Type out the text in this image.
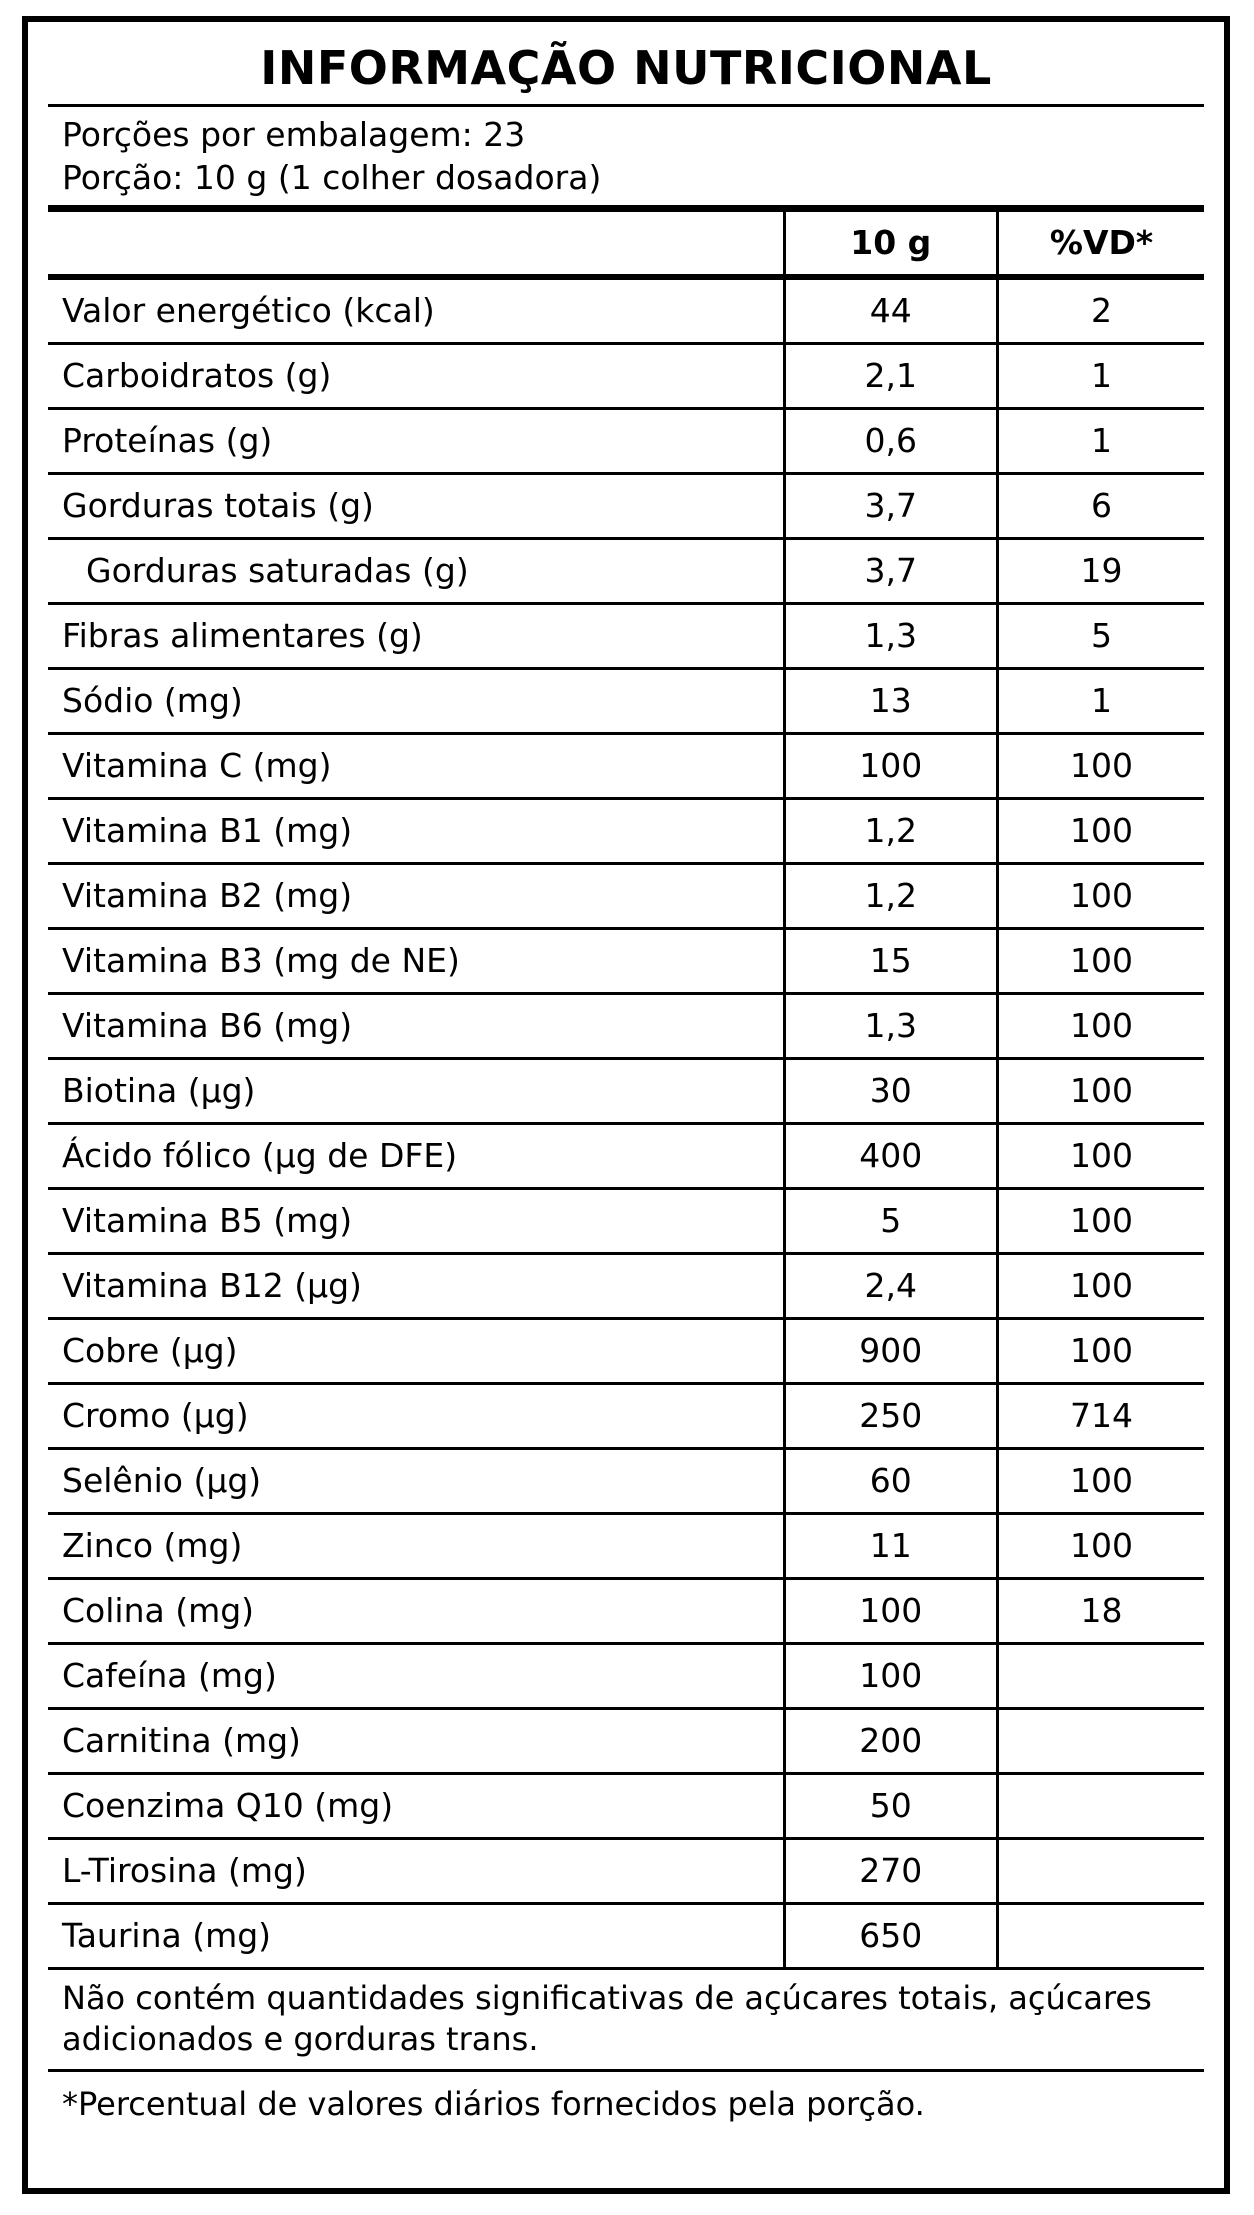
INFORMAÇÃO NUTRICIONAL
Porções por embalagem: 23
Porção: 10 g (1 colher dosadora)
	10 g	%VD*
Valor energético (kcal)	44	2
Carboidratos (g)	2,1	1
Proteínas (g)	0,6	1
Gorduras totais (g)	3,7	6
Gorduras saturadas (g)	3,7	19
Fibras alimentares (g)	1,3	5
Sódio (mg)	13	1
Vitamina C (mg)	100	100
Vitamina B1 (mg)	1,2	100
Vitamina B2 (mg)	1,2	100
Vitamina B3 (mg de NE)	15	100
Vitamina B6 (mg)	1,3	100
Biotina (µg)	30	100
Ácido fólico (µg de DFE)	400	100
Vitamina B5 (mg)	5	100
Vitamina B12 (µg)	2,4	100
Cobre (µg)	900	100
Cromo (µg)	250	714
Selênio (µg)	60	100
Zinco (mg)	11	100
Colina (mg)	100	18
Cafeína (mg)	100	
Carnitina (mg)	200	
Coenzima Q10 (mg)	50	
L-Tirosina (mg)	270	
Taurina (mg)	650	
Não contém quantidades significativas de açúcares totais, açúcares adicionados e gorduras trans.
*Percentual de valores diários fornecidos pela porção.
